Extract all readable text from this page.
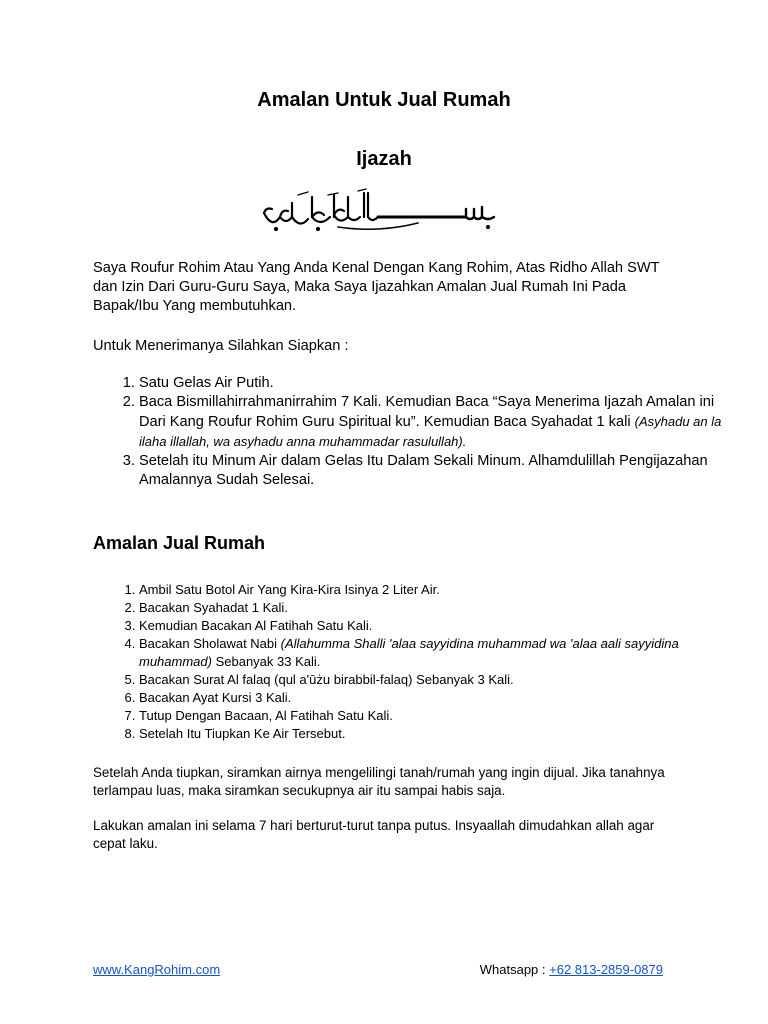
Amalan Untuk Jual Rumah
Ijazah

Saya Roufur Rohim Atau Yang Anda Kenal Dengan Kang Rohim, Atas Ridho Allah SWT dan Izin Dari Guru-Guru Saya, Maka Saya Ijazahkan Amalan Jual Rumah Ini Pada Bapak/Ibu Yang membutuhkan.

Untuk Menerimanya Silahkan Siapkan :

1. Satu Gelas Air Putih.
2. Baca Bismillahirrahmanirrahim 7 Kali. Kemudian Baca “Saya Menerima Ijazah Amalan ini Dari Kang Roufur Rohim Guru Spiritual ku”. Kemudian Baca Syahadat 1 kali (Asyhadu an la ilaha illallah, wa asyhadu anna muhammadar rasulullah).
3. Setelah itu Minum Air dalam Gelas Itu Dalam Sekali Minum. Alhamdulillah Pengijazahan Amalannya Sudah Selesai.
Amalan Jual Rumah
1. Ambil Satu Botol Air Yang Kira-Kira Isinya 2 Liter Air.
2. Bacakan Syahadat 1 Kali.
3. Kemudian Bacakan Al Fatihah Satu Kali.
4. Bacakan Sholawat Nabi (Allahumma Shalli 'alaa sayyidina muhammad wa 'alaa aali sayyidina muhammad) Sebanyak 33 Kali.
5. Bacakan Surat Al falaq (qul a'ūżu birabbil-falaq) Sebanyak 3 Kali.
6. Bacakan Ayat Kursi 3 Kali.
7. Tutup Dengan Bacaan, Al Fatihah Satu Kali.
8. Setelah Itu Tiupkan Ke Air Tersebut.

Setelah Anda tiupkan, siramkan airnya mengelilingi tanah/rumah yang ingin dijual. Jika tanahnya terlampau luas, maka siramkan secukupnya air itu sampai habis saja.

Lakukan amalan ini selama 7 hari berturut-turut tanpa putus. Insyaallah dimudahkan allah agar cepat laku.

www.KangRohim.com	Whatsapp : +62 813-2859-0879
